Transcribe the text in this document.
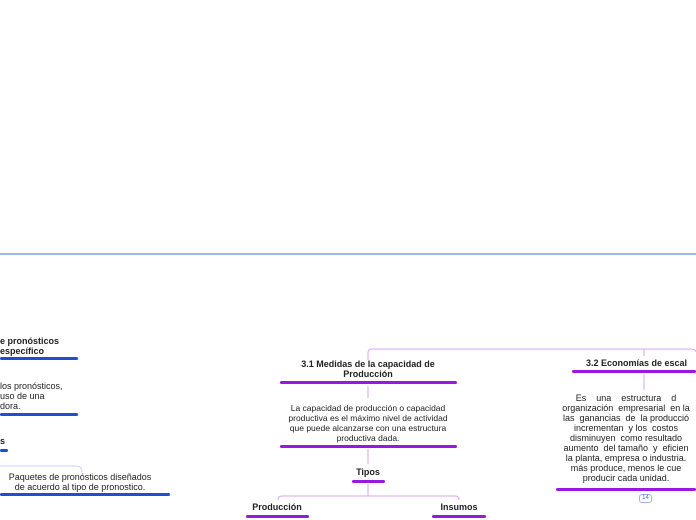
e pronósticos
específico
los pronósticos,
uso de una
dora.
s
Paquetes de pronósticos diseñados
de acuerdo al tipo de pronostico.
3.1 Medidas de la capacidad de
Producción
La capacidad de producción o capacidad
productiva es el máximo nivel de actividad
que puede alcanzarse con una estructura
productiva dada.
Tipos
Producción	Insumos
3.2 Economías de escal
Es    una    estructura    d
organización  empresarial  en la
las  ganancias  de  la producció
incrementan  y los  costos
disminuyen  como resultado
aumento  del tamaño  y  eficien
la planta, empresa o industria.
más produce, menos le cue
producir cada unidad.
14
